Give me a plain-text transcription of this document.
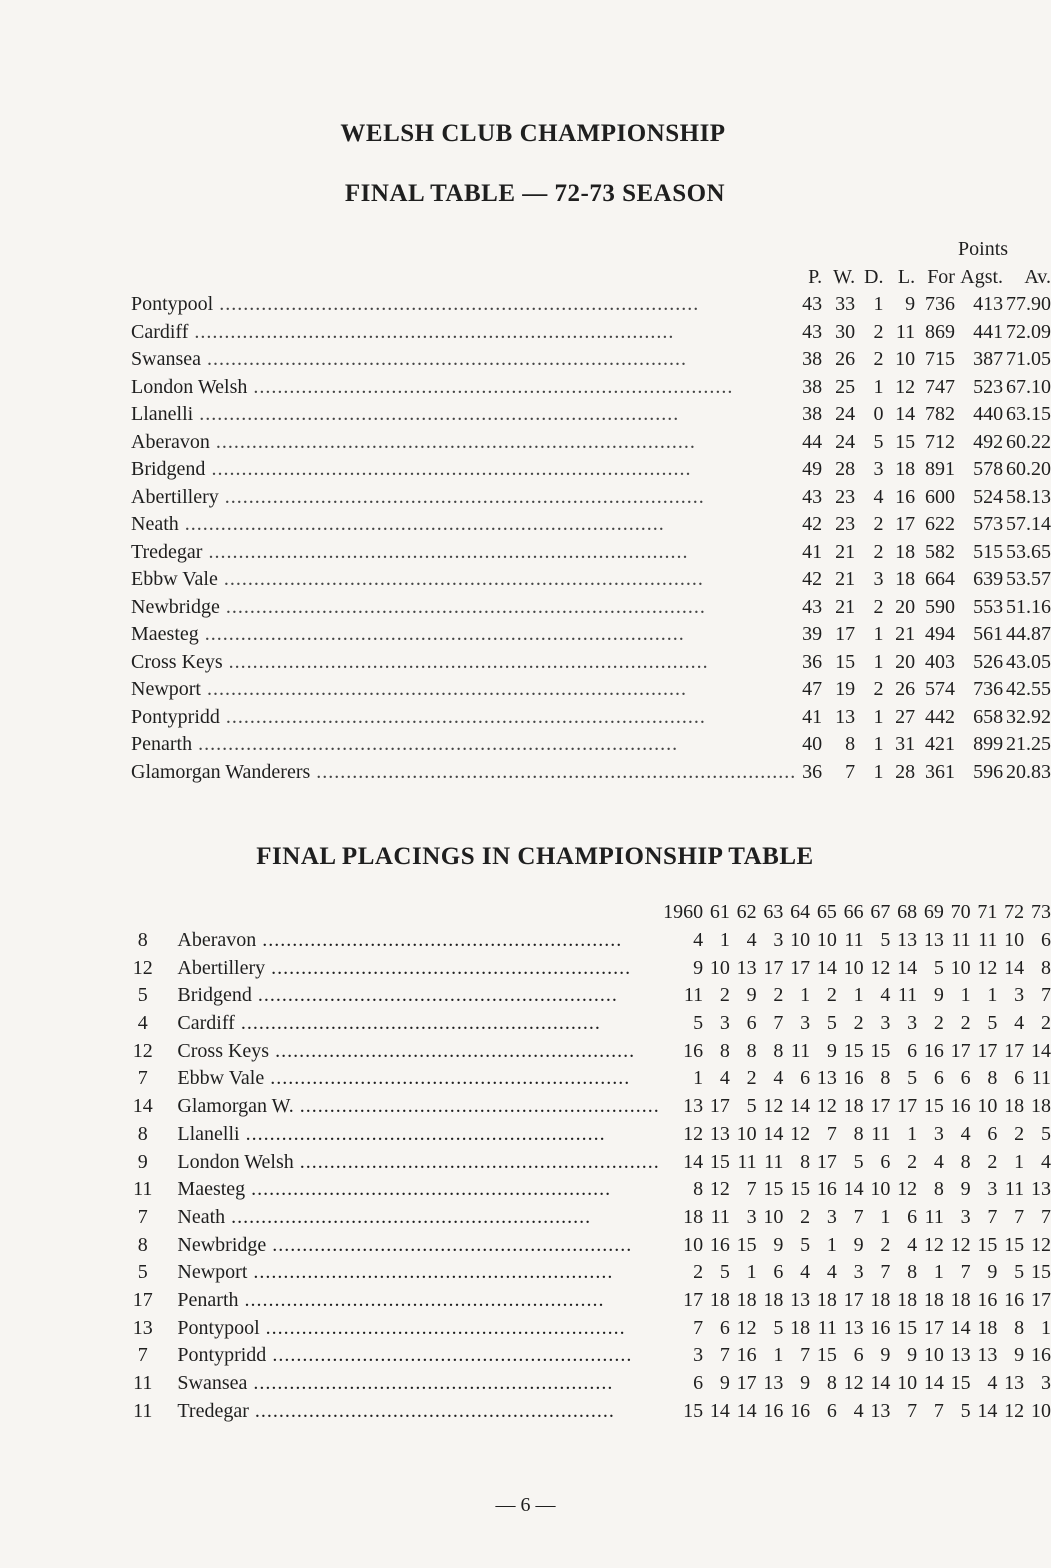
WELSH CLUB CHAMPIONSHIP
FINAL TABLE — 72-73 SEASON
					Points		
	P.	W.	D.	L.	For	Agst.	Av.
Pontypool ................................................................................	43	33	1	9	736	413	77.90
Cardiff ................................................................................	43	30	2	11	869	441	72.09
Swansea ................................................................................	38	26	2	10	715	387	71.05
London Welsh ................................................................................	38	25	1	12	747	523	67.10
Llanelli ................................................................................	38	24	0	14	782	440	63.15
Aberavon ................................................................................	44	24	5	15	712	492	60.22
Bridgend ................................................................................	49	28	3	18	891	578	60.20
Abertillery ................................................................................	43	23	4	16	600	524	58.13
Neath ................................................................................	42	23	2	17	622	573	57.14
Tredegar ................................................................................	41	21	2	18	582	515	53.65
Ebbw Vale ................................................................................	42	21	3	18	664	639	53.57
Newbridge ................................................................................	43	21	2	20	590	553	51.16
Maesteg ................................................................................	39	17	1	21	494	561	44.87
Cross Keys ................................................................................	36	15	1	20	403	526	43.05
Newport ................................................................................	47	19	2	26	574	736	42.55
Pontypridd ................................................................................	41	13	1	27	442	658	32.92
Penarth ................................................................................	40	8	1	31	421	899	21.25
Glamorgan Wanderers ................................................................................	36	7	1	28	361	596	20.83
FINAL PLACINGS IN CHAMPIONSHIP TABLE
		1960	61	62	63	64	65	66	67	68	69	70	71	72	73
8	Aberavon ............................................................	4	1	4	3	10	10	11	5	13	13	11	11	10	6
12	Abertillery ............................................................	9	10	13	17	17	14	10	12	14	5	10	12	14	8
5	Bridgend ............................................................	11	2	9	2	1	2	1	4	11	9	1	1	3	7
4	Cardiff ............................................................	5	3	6	7	3	5	2	3	3	2	2	5	4	2
12	Cross Keys ............................................................	16	8	8	8	11	9	15	15	6	16	17	17	17	14
7	Ebbw Vale ............................................................	1	4	2	4	6	13	16	8	5	6	6	8	6	11
14	Glamorgan W. ............................................................	13	17	5	12	14	12	18	17	17	15	16	10	18	18
8	Llanelli ............................................................	12	13	10	14	12	7	8	11	1	3	4	6	2	5
9	London Welsh ............................................................	14	15	11	11	8	17	5	6	2	4	8	2	1	4
11	Maesteg ............................................................	8	12	7	15	15	16	14	10	12	8	9	3	11	13
7	Neath ............................................................	18	11	3	10	2	3	7	1	6	11	3	7	7	7
8	Newbridge ............................................................	10	16	15	9	5	1	9	2	4	12	12	15	15	12
5	Newport ............................................................	2	5	1	6	4	4	3	7	8	1	7	9	5	15
17	Penarth ............................................................	17	18	18	18	13	18	17	18	18	18	18	16	16	17
13	Pontypool ............................................................	7	6	12	5	18	11	13	16	15	17	14	18	8	1
7	Pontypridd ............................................................	3	7	16	1	7	15	6	9	9	10	13	13	9	16
11	Swansea ............................................................	6	9	17	13	9	8	12	14	10	14	15	4	13	3
11	Tredegar ............................................................	15	14	14	16	16	6	4	13	7	7	5	14	12	10
— 6 —
